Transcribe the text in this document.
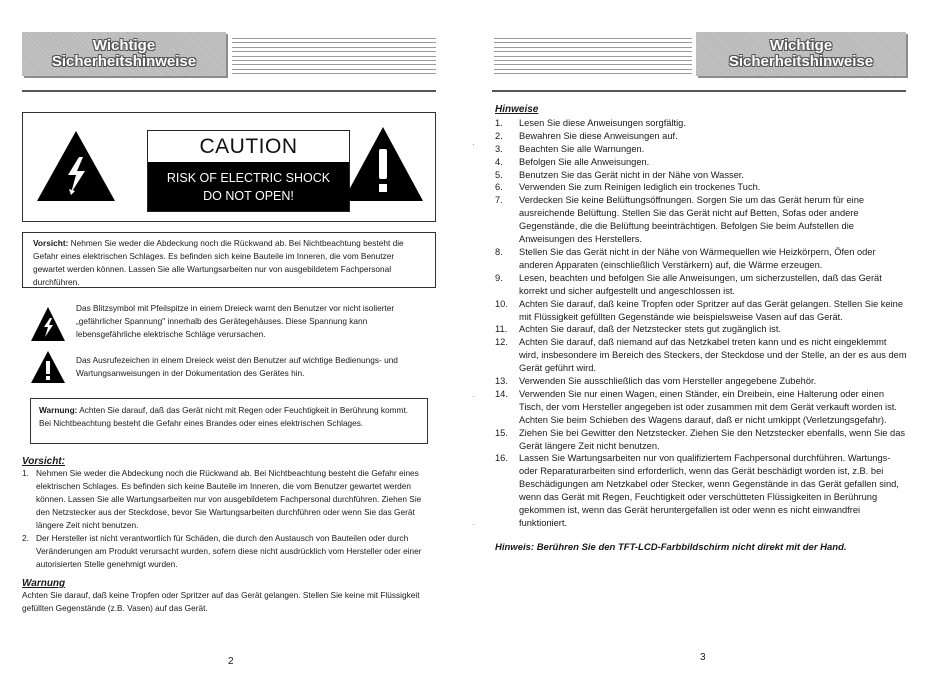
Wichtige
Sicherheitshinweise
CAUTION
RISK OF ELECTRIC SHOCK
DO NOT OPEN!
Vorsicht: Nehmen Sie weder die Abdeckung noch die Rückwand ab. Bei Nichtbeachtung besteht die Gefahr eines elektrischen Schlages. Es befinden sich keine Bauteile im Inneren, die vom Benutzer gewartet werden können. Lassen Sie alle Wartungsarbeiten nur von ausgebildetem Fachpersonal durchführen.
Das Blitzsymbol mit Pfeilspitze in einem Dreieck warnt den Benutzer vor nicht isolierter „gefährlicher Spannung" innerhalb des Gerätegehäuses. Diese Spannung kann lebensgefährliche elektrische Schläge verursachen.
Das Ausrufezeichen in einem Dreieck weist den Benutzer auf wichtige Bedienungs- und Wartungsanweisungen in der Dokumentation des Gerätes hin.
Warnung: Achten Sie darauf, daß das Gerät nicht mit Regen oder Feuchtigkeit in Berührung kommt. Bei Nichtbeachtung besteht die Gefahr eines Brandes oder eines elektrischen Schlages.
Vorsicht:
1. Nehmen Sie weder die Abdeckung noch die Rückwand ab. Bei Nichtbeachtung besteht die Gefahr eines elektrischen Schlages. Es befinden sich keine Bauteile im Inneren, die vom Benutzer gewartet werden können. Lassen Sie alle Wartungsarbeiten nur von ausgebildetem Fachpersonal durchführen. Ziehen Sie den Netzstecker aus der Steckdose, bevor Sie Wartungsarbeiten durchführen oder wenn Sie das Gerät längere Zeit nicht benutzen.
2. Der Hersteller ist nicht verantwortlich für Schäden, die durch den Austausch von Bauteilen oder durch Veränderungen am Produkt verursacht wurden, sofern diese nicht ausdrücklich vom Hersteller oder einer autorisierten Stelle genehmigt wurden.
Warnung
Achten Sie darauf, daß keine Tropfen oder Spritzer auf das Gerät gelangen. Stellen Sie keine mit Flüssigkeit gefüllten Gegenstände (z.B. Vasen) auf das Gerät.
2
·
·
·
Wichtige
Sicherheitshinweise
Hinweise
1. Lesen Sie diese Anweisungen sorgfältig.
2. Bewahren Sie diese Anweisungen auf.
3. Beachten Sie alle Warnungen.
4. Befolgen Sie alle Anweisungen.
5. Benutzen Sie das Gerät nicht in der Nähe von Wasser.
6. Verwenden Sie zum Reinigen lediglich ein trockenes Tuch.
7. Verdecken Sie keine Belüftungsöffnungen. Sorgen Sie um das Gerät herum für eine ausreichende Belüftung. Stellen Sie das Gerät nicht auf Betten, Sofas oder andere Gegenstände, die die Belüftung beeinträchtigen. Befolgen Sie beim Aufstellen die Anweisungen des Herstellers.
8. Stellen Sie das Gerät nicht in der Nähe von Wärmequellen wie Heizkörpern, Öfen oder anderen Apparaten (einschließlich Verstärkern) auf, die Wärme erzeugen.
9. Lesen, beachten und befolgen Sie alle Anweisungen, um sicherzustellen, daß das Gerät korrekt und sicher aufgestellt und angeschlossen ist.
10. Achten Sie darauf, daß keine Tropfen oder Spritzer auf das Gerät gelangen. Stellen Sie keine mit Flüssigkeit gefüllten Gegenstände wie beispielsweise Vasen auf das Gerät.
11. Achten Sie darauf, daß der Netzstecker stets gut zugänglich ist.
12. Achten Sie darauf, daß niemand auf das Netzkabel treten kann und es nicht eingeklemmt wird, insbesondere im Bereich des Steckers, der Steckdose und der Stelle, an der es aus dem Gerät geführt wird.
13. Verwenden Sie ausschließlich das vom Hersteller angegebene Zubehör.
14. Verwenden Sie nur einen Wagen, einen Ständer, ein Dreibein, eine Halterung oder einen Tisch, der vom Hersteller angegeben ist oder zusammen mit dem Gerät verkauft worden ist. Achten Sie beim Schieben des Wagens darauf, daß er nicht umkippt (Verletzungsgefahr).
15. Ziehen Sie bei Gewitter den Netzstecker. Ziehen Sie den Netzstecker ebenfalls, wenn Sie das Gerät längere Zeit nicht benutzen.
16. Lassen Sie Wartungsarbeiten nur von qualifiziertem Fachpersonal durchführen. Wartungs- oder Reparaturarbeiten sind erforderlich, wenn das Gerät beschädigt worden ist, z.B. bei Beschädigungen am Netzkabel oder Stecker, wenn Gegenstände in das Gerät gefallen sind, wenn das Gerät mit Regen, Feuchtigkeit oder verschütteten Flüssigkeiten in Berührung gekommen ist, wenn das Gerät heruntergefallen ist oder wenn es nicht einwandfrei funktioniert.
Hinweis: Berühren Sie den TFT-LCD-Farbbildschirm nicht direkt mit der Hand.
3
